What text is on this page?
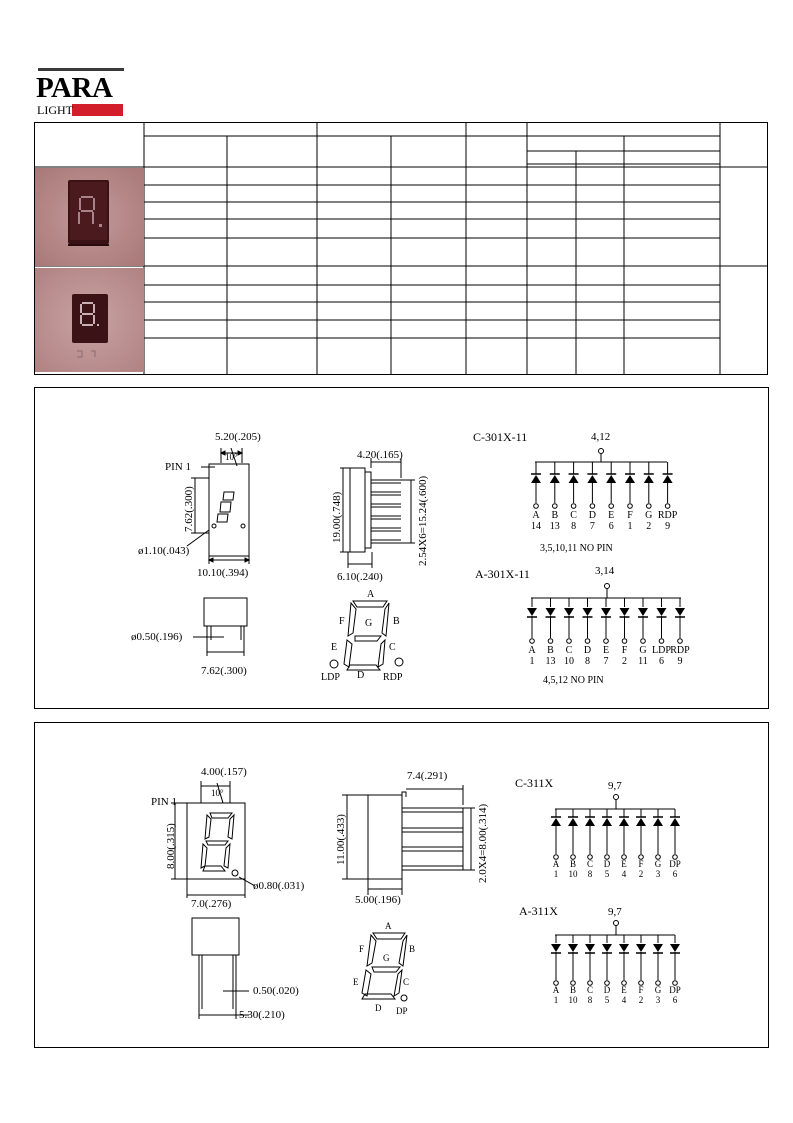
PARA
LIGHT
5.20(.205)
10°
PIN 1
7.62(.300)
ø1.10(.043)
10.10(.394)
4.20(.165)
19.00(.748)	2.54X6=15.24(.600)
6.10(.240)
ø0.50(.196)
7.62(.300)
A
F G B
E	C
D
LDP	RDP
C-301X-11	4,12
A
14
B
13
C
8
D
7
E
6
F
1
G
2
RDP
9
3,5,10,11 NO PIN
A-301X-11	3,14
A
1
B
13
C
10
D
8
E
7
F
2
G
11
LDP
6
RDP
9
4,5,12 NO PIN
4.00(.157)
10°
PIN 1
8.00(.315)
ø0.80(.031)
7.0(.276)
7.4(.291)
11.00(.433)	2.0X4=8.00(.314)
5.00(.196)
0.50(.020)
5.30(.210)
A
F
G
B
E	C
D DP
C-311X	9,7
A
1
B
10
C
8
D
5
E
4
F
2
G
3
DP
6
A-311X	9,7
A
1
B
10
C
8
D
5
E
4
F
2
G
3
DP
6
